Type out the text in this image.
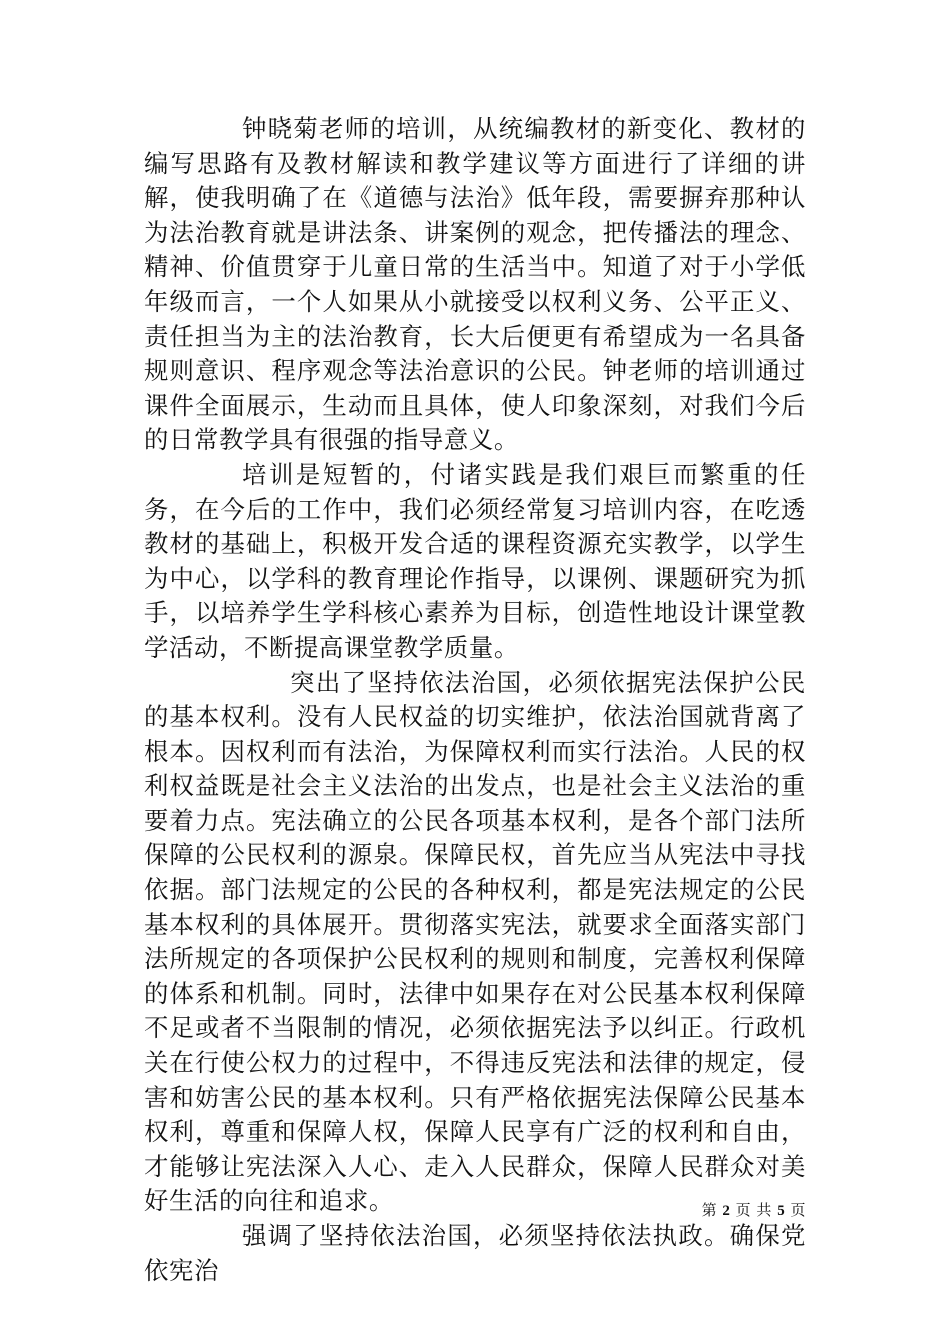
钟晓菊老师的培训，从统编教材的新变化、教材的编写思路有及教材解读和教学建议等方面进行了详细的讲解，使我明确了在《道德与法治》低年段，需要摒弃那种认为法治教育就是讲法条、讲案例的观念，把传播法的理念、精神、价值贯穿于儿童日常的生活当中。知道了对于小学低年级而言，一个人如果从小就接受以权利义务、公平正义、责任担当为主的法治教育，长大后便更有希望成为一名具备规则意识、程序观念等法治意识的公民。钟老师的培训通过课件全面展示，生动而且具体，使人印象深刻，对我们今后的日常教学具有很强的指导意义。

培训是短暂的，付诸实践是我们艰巨而繁重的任务，在今后的工作中，我们必须经常复习培训内容，在吃透教材的基础上，积极开发合适的课程资源充实教学，以学生为中心，以学科的教育理论作指导，以课例、课题研究为抓手，以培养学生学科核心素养为目标，创造性地设计课堂教学活动，不断提高课堂教学质量。

突出了坚持依法治国，必须依据宪法保护公民的基本权利。没有人民权益的切实维护，依法治国就背离了根本。因权利而有法治，为保障权利而实行法治。人民的权利权益既是社会主义法治的出发点，也是社会主义法治的重要着力点。宪法确立的公民各项基本权利，是各个部门法所保障的公民权利的源泉。保障民权，首先应当从宪法中寻找依据。部门法规定的公民的各种权利，都是宪法规定的公民基本权利的具体展开。贯彻落实宪法，就要求全面落实部门法所规定的各项保护公民权利的规则和制度，完善权利保障的体系和机制。同时，法律中如果存在对公民基本权利保障不足或者不当限制的情况，必须依据宪法予以纠正。行政机关在行使公权力的过程中，不得违反宪法和法律的规定，侵害和妨害公民的基本权利。只有严格依据宪法保障公民基本权利，尊重和保障人权，保障人民享有广泛的权利和自由，才能够让宪法深入人心、走入人民群众，保障人民群众对美好生活的向往和追求。

强调了坚持依法治国，必须坚持依法执政。确保党依宪治

第 2 页 共 5 页
